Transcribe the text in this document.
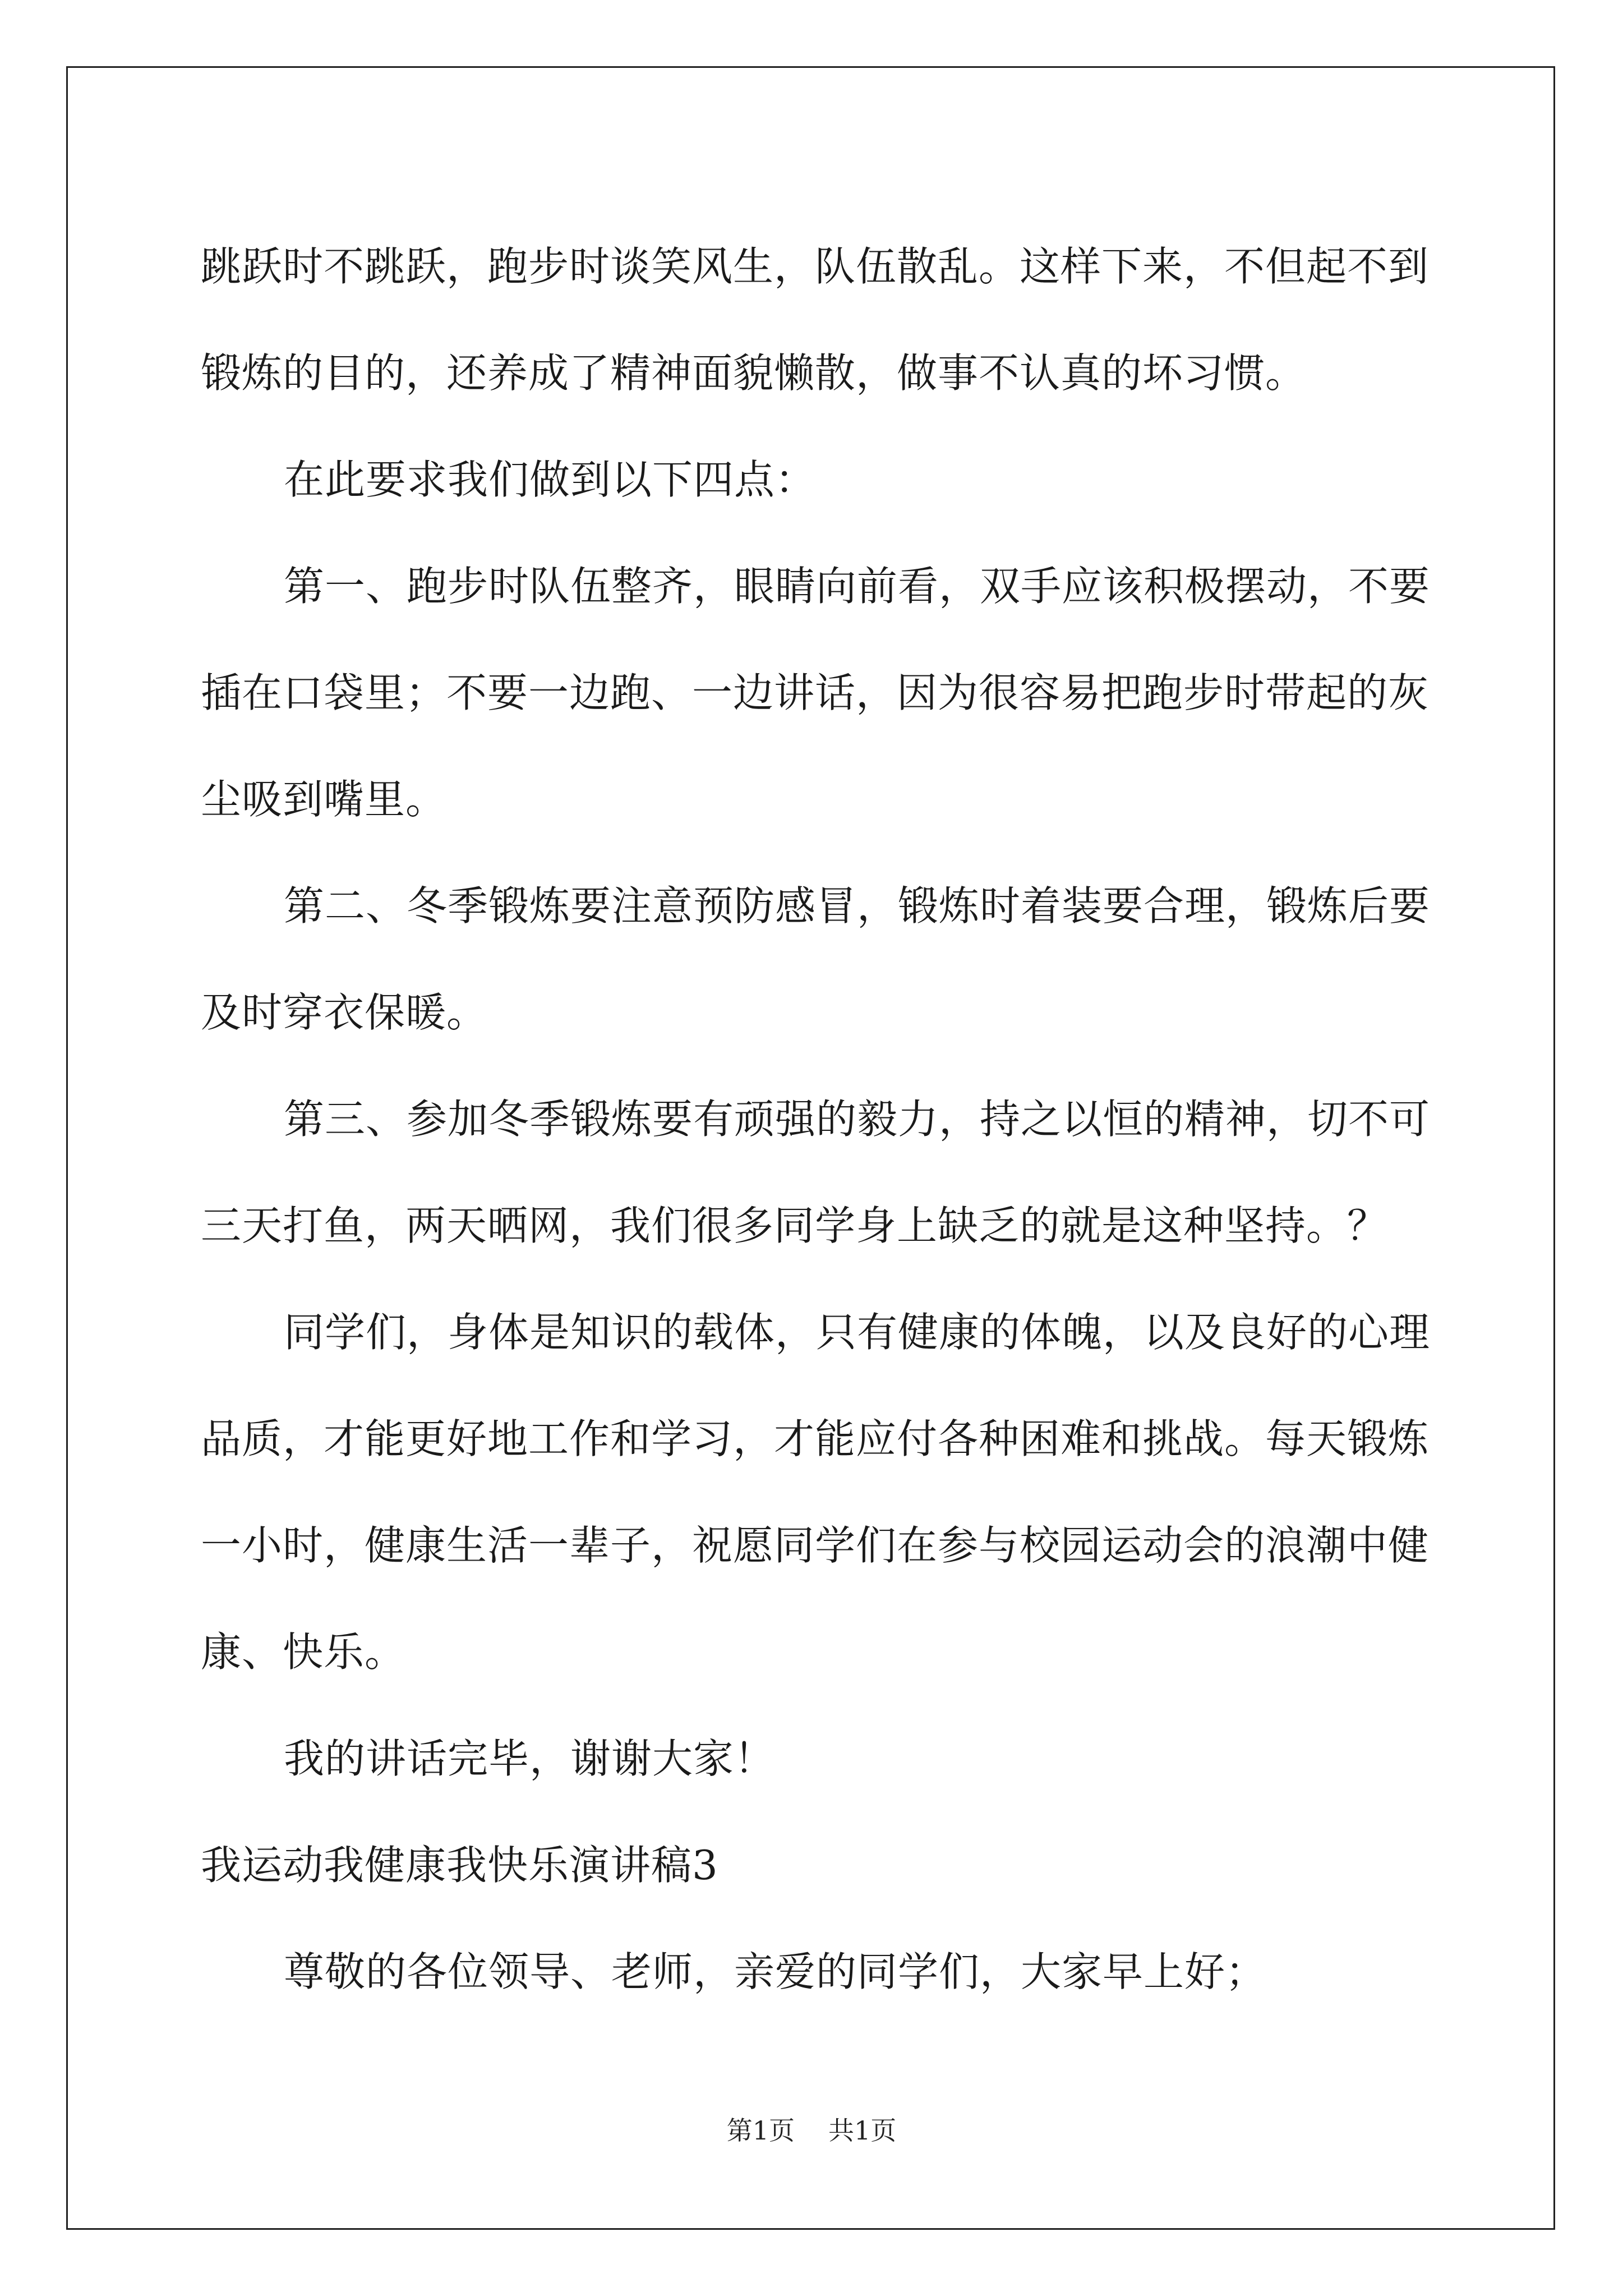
跳跃时不跳跃，跑步时谈笑风生，队伍散乱。这样下来，不但起不到
锻炼的目的，还养成了精神面貌懒散，做事不认真的坏习惯。
在此要求我们做到以下四点：
第一、跑步时队伍整齐，眼睛向前看，双手应该积极摆动，不要
插在口袋里；不要一边跑、一边讲话，因为很容易把跑步时带起的灰
尘吸到嘴里。
第二、冬季锻炼要注意预防感冒，锻炼时着装要合理，锻炼后要
及时穿衣保暖。
第三、参加冬季锻炼要有顽强的毅力，持之以恒的精神，切不可
三天打鱼，两天晒网，我们很多同学身上缺乏的就是这种坚持。？
同学们，身体是知识的载体，只有健康的体魄，以及良好的心理
品质，才能更好地工作和学习，才能应付各种困难和挑战。每天锻炼
一小时，健康生活一辈子，祝愿同学们在参与校园运动会的浪潮中健
康、快乐。
我的讲话完毕，谢谢大家！
我运动我健康我快乐演讲稿3
尊敬的各位领导、老师，亲爱的同学们，大家早上好；
第1页 共1页
